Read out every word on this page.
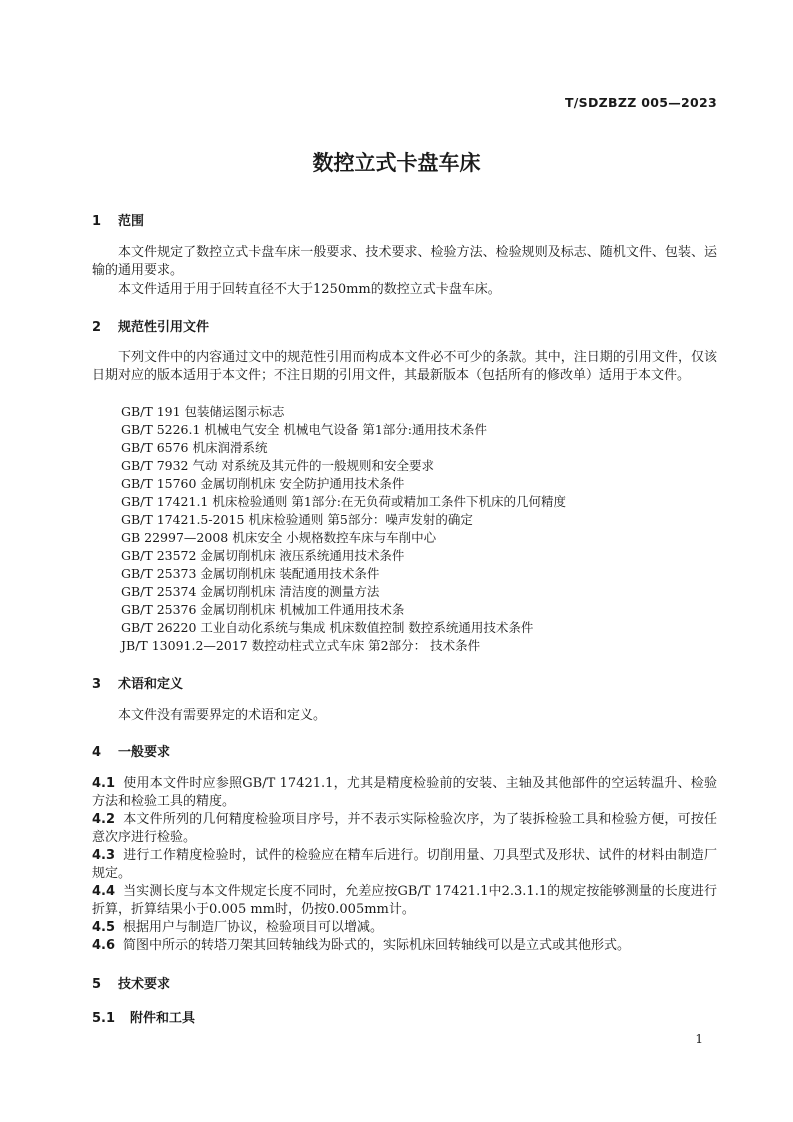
T/SDZBZZ 005—2023
数控立式卡盘车床
1 范围

本文件规定了数控立式卡盘车床一般要求、技术要求、检验方法、检验规则及标志、随机文件、包装、运输的通用要求。

本文件适用于用于回转直径不大于1250mm的数控立式卡盘车床。

2 规范性引用文件

下列文件中的内容通过文中的规范性引用而构成本文件必不可少的条款。其中，注日期的引用文件，仅该日期对应的版本适用于本文件；不注日期的引用文件，其最新版本（包括所有的修改单）适用于本文件。

GB/T 191 包装储运图示标志

GB/T 5226.1 机械电气安全 机械电气设备 第1部分:通用技术条件

GB/T 6576 机床润滑系统

GB/T 7932 气动 对系统及其元件的一般规则和安全要求

GB/T 15760 金属切削机床 安全防护通用技术条件

GB/T 17421.1 机床检验通则 第1部分:在无负荷或精加工条件下机床的几何精度

GB/T 17421.5-2015 机床检验通则 第5部分：噪声发射的确定

GB 22997—2008 机床安全 小规格数控车床与车削中心

GB/T 23572 金属切削机床 液压系统通用技术条件

GB/T 25373 金属切削机床 装配通用技术条件

GB/T 25374 金属切削机床 清洁度的测量方法

GB/T 25376 金属切削机床 机械加工件通用技术条

GB/T 26220 工业自动化系统与集成 机床数值控制 数控系统通用技术条件

JB/T 13091.2—2017 数控动柱式立式车床 第2部分： 技术条件

3 术语和定义

本文件没有需要界定的术语和定义。

4 一般要求

4.1 使用本文件时应参照GB/T 17421.1，尤其是精度检验前的安装、主轴及其他部件的空运转温升、检验方法和检验工具的精度。

4.2 本文件所列的几何精度检验项目序号，并不表示实际检验次序，为了装拆检验工具和检验方便，可按任意次序进行检验。

4.3 进行工作精度检验时，试件的检验应在精车后进行。切削用量、刀具型式及形状、试件的材料由制造厂规定。

4.4 当实测长度与本文件规定长度不同时，允差应按GB/T 17421.1中2.3.1.1的规定按能够测量的长度进行折算，折算结果小于0.005 mm时，仍按0.005mm计。

4.5 根据用户与制造厂协议，检验项目可以增减。

4.6 简图中所示的转塔刀架其回转轴线为卧式的，实际机床回转轴线可以是立式或其他形式。

5 技术要求
5.1 附件和工具
1
